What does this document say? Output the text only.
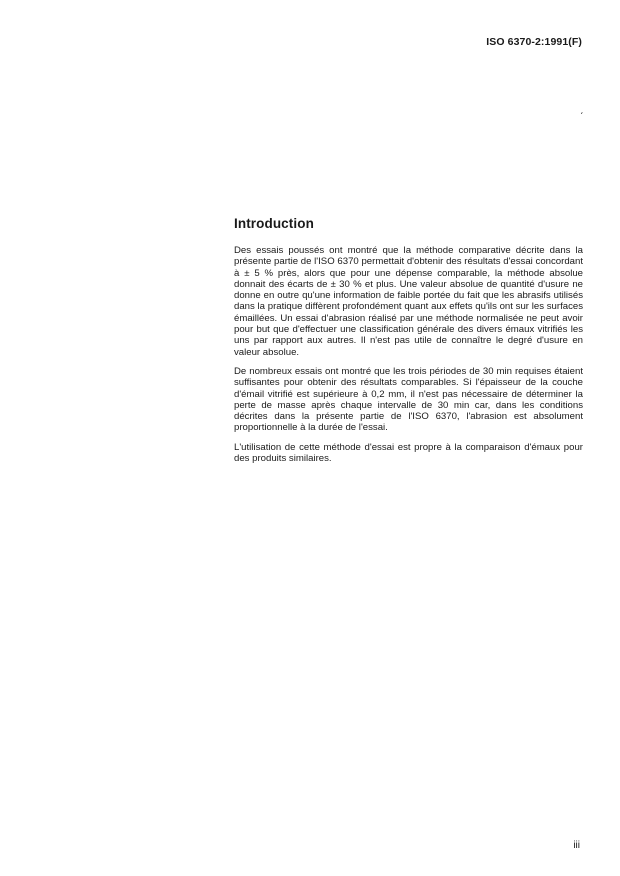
ISO 6370-2:1991(F)
ˊ
Introduction

Des essais poussés ont montré que la méthode comparative décrite dans la présente partie de l'ISO 6370 permettait d'obtenir des résultats d'essai concordant à ± 5 % près, alors que pour une dépense comparable, la méthode absolue donnait des écarts de ± 30 % et plus. Une valeur absolue de quantité d'usure ne donne en outre qu'une information de faible portée du fait que les abrasifs utilisés dans la pratique diffèrent profondément quant aux effets qu'ils ont sur les surfaces émaillées. Un essai d'abrasion réalisé par une méthode normalisée ne peut avoir pour but que d'effectuer une classification générale des divers émaux vitrifiés les uns par rapport aux autres. Il n'est pas utile de connaître le degré d'usure en valeur absolue.

De nombreux essais ont montré que les trois périodes de 30 min requises étaient suffisantes pour obtenir des résultats comparables. Si l'épaisseur de la couche d'émail vitrifié est supérieure à 0,2 mm, il n'est pas nécessaire de déterminer la perte de masse après chaque intervalle de 30 min car, dans les conditions décrites dans la présente partie de l'ISO 6370, l'abrasion est absolument proportionnelle à la durée de l'essai.

L'utilisation de cette méthode d'essai est propre à la comparaison d'émaux pour des produits similaires.

iii
